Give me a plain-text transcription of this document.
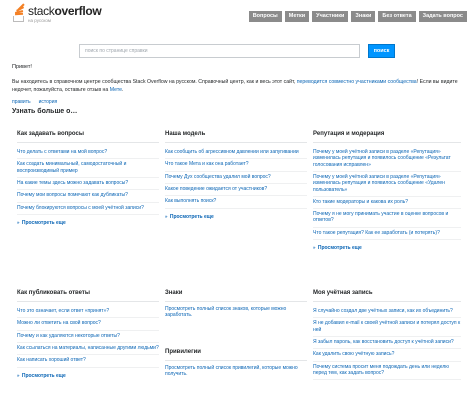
stackoverflow
на русском
Вопросы	Метки	Участники	Знаки	Без ответа	Задать вопрос
поиск по странице справки
поиск
Привет!
Вы находитесь в справочном центре сообщества Stack Overflow на русском. Справочный центр, как и весь этот сайт, переводится совместно участниками сообщества! Если вы видите недочет, пожалуйста, оставьте отзыв на Мете.
править история
Узнать больше о…
Как задавать вопросы
Что делать с ответами на мой вопрос?
Как создать минимальный, самодостаточный и воспроизводимый пример
На какие темы здесь можно задавать вопросы?
Почему мои вопросы помечают как дубликаты?
Почему блокируются вопросы с моей учётной записи?
» Просмотреть еще
Наша модель
Как сообщить об агрессивном давлении или запугивании
Что такое Мета и как она работает?
Почему Дух сообщества удалил мой вопрос?
Какое поведение ожидается от участников?
Как выполнять поиск?
» Просмотреть еще
Репутация и модерация
Почему у моей учётной записи в разделе «Репутация» изменилась репутация и появилось сообщение «Результат голосования исправлен»
Почему у моей учётной записи в разделе «Репутация» изменилась репутация и появилось сообщение «Удален пользователь»
Кто такие модераторы и какова их роль?
Почему я не могу принимать участие в оценке вопросов и ответов?
Что такое репутация? Как ее заработать (и потерять)?
» Просмотреть еще
Как публиковать ответы
Что это означает, если ответ «принят»?
Можно ли ответить на свой вопрос?
Почему и как удаляются некоторые ответы?
Как ссылаться на материалы, написанные другими людьми?
Как написать хороший ответ?
» Просмотреть еще
Знаки
Просмотреть полный список знаков, которые можно заработать.
Привилегии
Просмотреть полный список привилегий, которые можно получить.
Моя учётная запись
Я случайно создал две учётных записи, как их объединить?
Я не добавил e-mail к своей учётной записи и потерял доступ к ней
Я забыл пароль, как восстановить доступ к учётной записи?
Как удалить свою учётную запись?
Почему система просит меня подождать день или неделю перед тем, как задать вопрос?
